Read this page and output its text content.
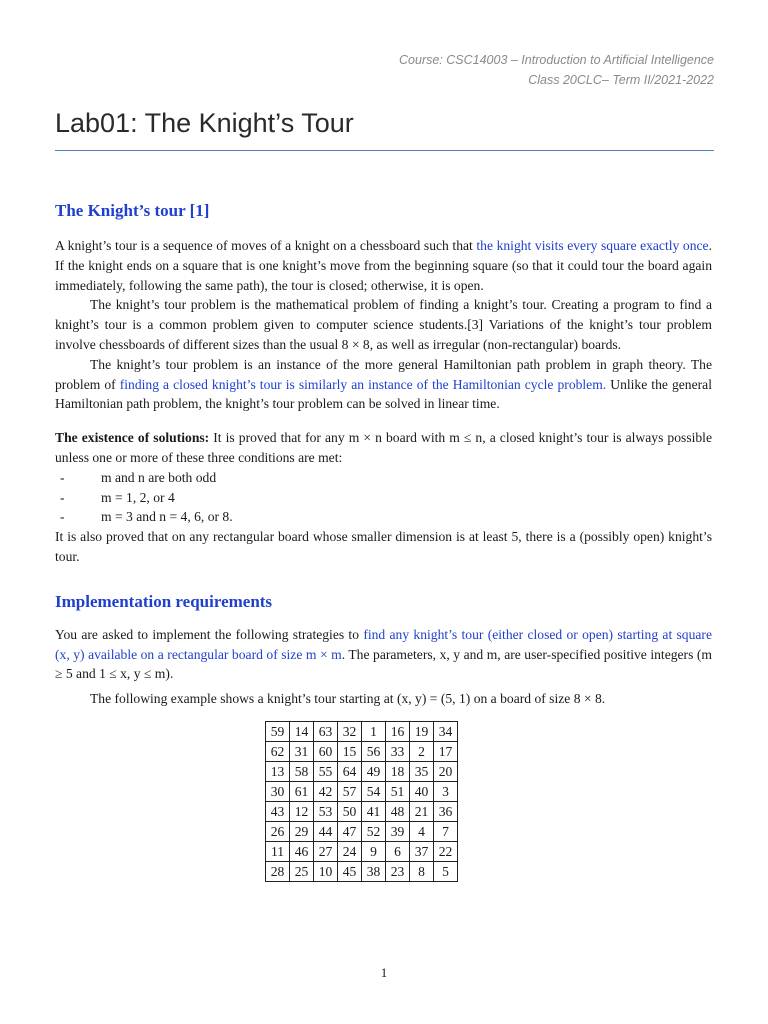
Course: CSC14003 – Introduction to Artificial Intelligence
Class 20CLC– Term II/2021-2022
Lab01: The Knight’s Tour
The Knight’s tour [1]

A knight’s tour is a sequence of moves of a knight on a chessboard such that the knight visits every square exactly once. If the knight ends on a square that is one knight’s move from the beginning square (so that it could tour the board again immediately, following the same path), the tour is closed; otherwise, it is open.

The knight’s tour problem is the mathematical problem of finding a knight’s tour. Creating a program to find a knight’s tour is a common problem given to computer science students.[3] Variations of the knight’s tour problem involve chessboards of different sizes than the usual 8 × 8, as well as irregular (non-rectangular) boards.

The knight’s tour problem is an instance of the more general Hamiltonian path problem in graph theory. The problem of finding a closed knight’s tour is similarly an instance of the Hamiltonian cycle problem. Unlike the general Hamiltonian path problem, the knight’s tour problem can be solved in linear time.

The existence of solutions: It is proved that for any m × n board with m ≤ n, a closed knight’s tour is always possible unless one or more of these three conditions are met:

- m and n are both odd
- m = 1, 2, or 4
- m = 3 and n = 4, 6, or 8.

It is also proved that on any rectangular board whose smaller dimension is at least 5, there is a (possibly open) knight’s tour.

Implementation requirements

You are asked to implement the following strategies to find any knight’s tour (either closed or open) starting at square (x, y) available on a rectangular board of size m × m. The parameters, x, y and m, are user-specified positive integers (m ≥ 5 and 1 ≤ x, y ≤ m).

The following example shows a knight’s tour starting at (x, y) = (5, 1) on a board of size 8 × 8.

59	14	63	32	1	16	19	34
62	31	60	15	56	33	2	17
13	58	55	64	49	18	35	20
30	61	42	57	54	51	40	3
43	12	53	50	41	48	21	36
26	29	44	47	52	39	4	7
11	46	27	24	9	6	37	22
28	25	10	45	38	23	8	5
1
